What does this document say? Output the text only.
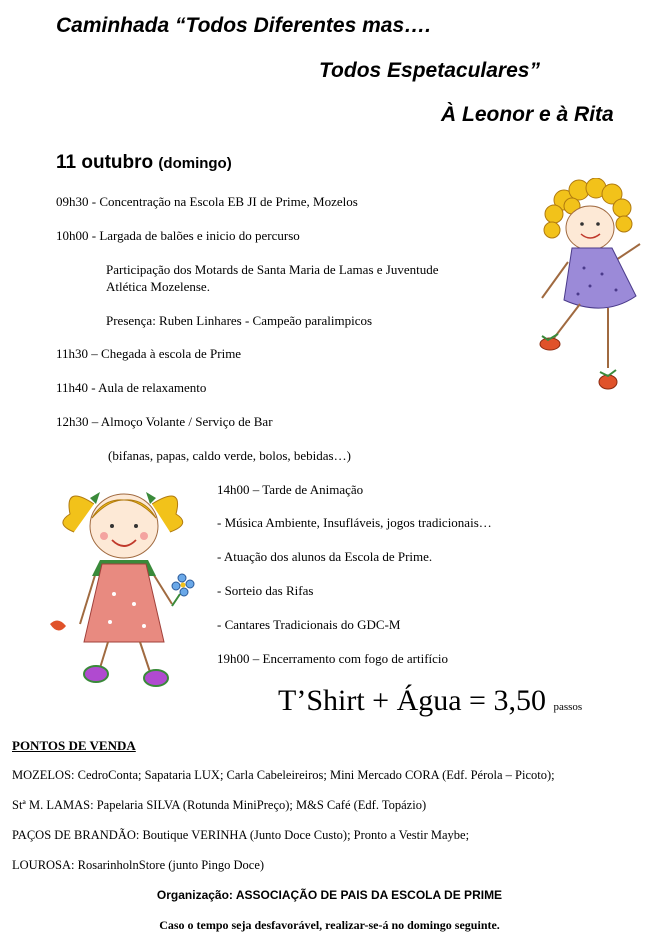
Caminhada “Todos Diferentes mas….
Todos Espetaculares”
À Leonor e à Rita
11 outubro (domingo)
09h30 - Concentração na Escola EB JI de Prime, Mozelos
10h00 - Largada de balões e inicio do percurso
Participação dos Motards de Santa Maria de Lamas e Juventude
Atlética Mozelense.
Presença: Ruben Linhares - Campeão paralimpicos
11h30 – Chegada à escola de Prime
11h40 - Aula de relaxamento
12h30 – Almoço Volante / Serviço de Bar
(bifanas, papas, caldo verde, bolos, bebidas…)
14h00 – Tarde de Animação
- Música Ambiente, Insufláveis, jogos tradicionais…
- Atuação dos alunos da Escola de Prime.
- Sorteio das Rifas
- Cantares Tradicionais do GDC-M
19h00 – Encerramento com fogo de artifício
T’Shirt + Água = 3,50 passos
PONTOS DE VENDA
MOZELOS: CedroConta; Sapataria LUX; Carla Cabeleireiros; Mini Mercado CORA (Edf. Pérola – Picoto);
Stª M. LAMAS: Papelaria SILVA (Rotunda MiniPreço); M&S Café (Edf. Topázio)
PAÇOS DE BRANDÃO: Boutique VERINHA (Junto Doce Custo); Pronto a Vestir Maybe;
LOUROSA: RosarinholnStore (junto Pingo Doce)
Organização: ASSOCIAÇÃO DE PAIS DA ESCOLA DE PRIME
Caso o tempo seja desfavorável, realizar-se-á no domingo seguinte.
